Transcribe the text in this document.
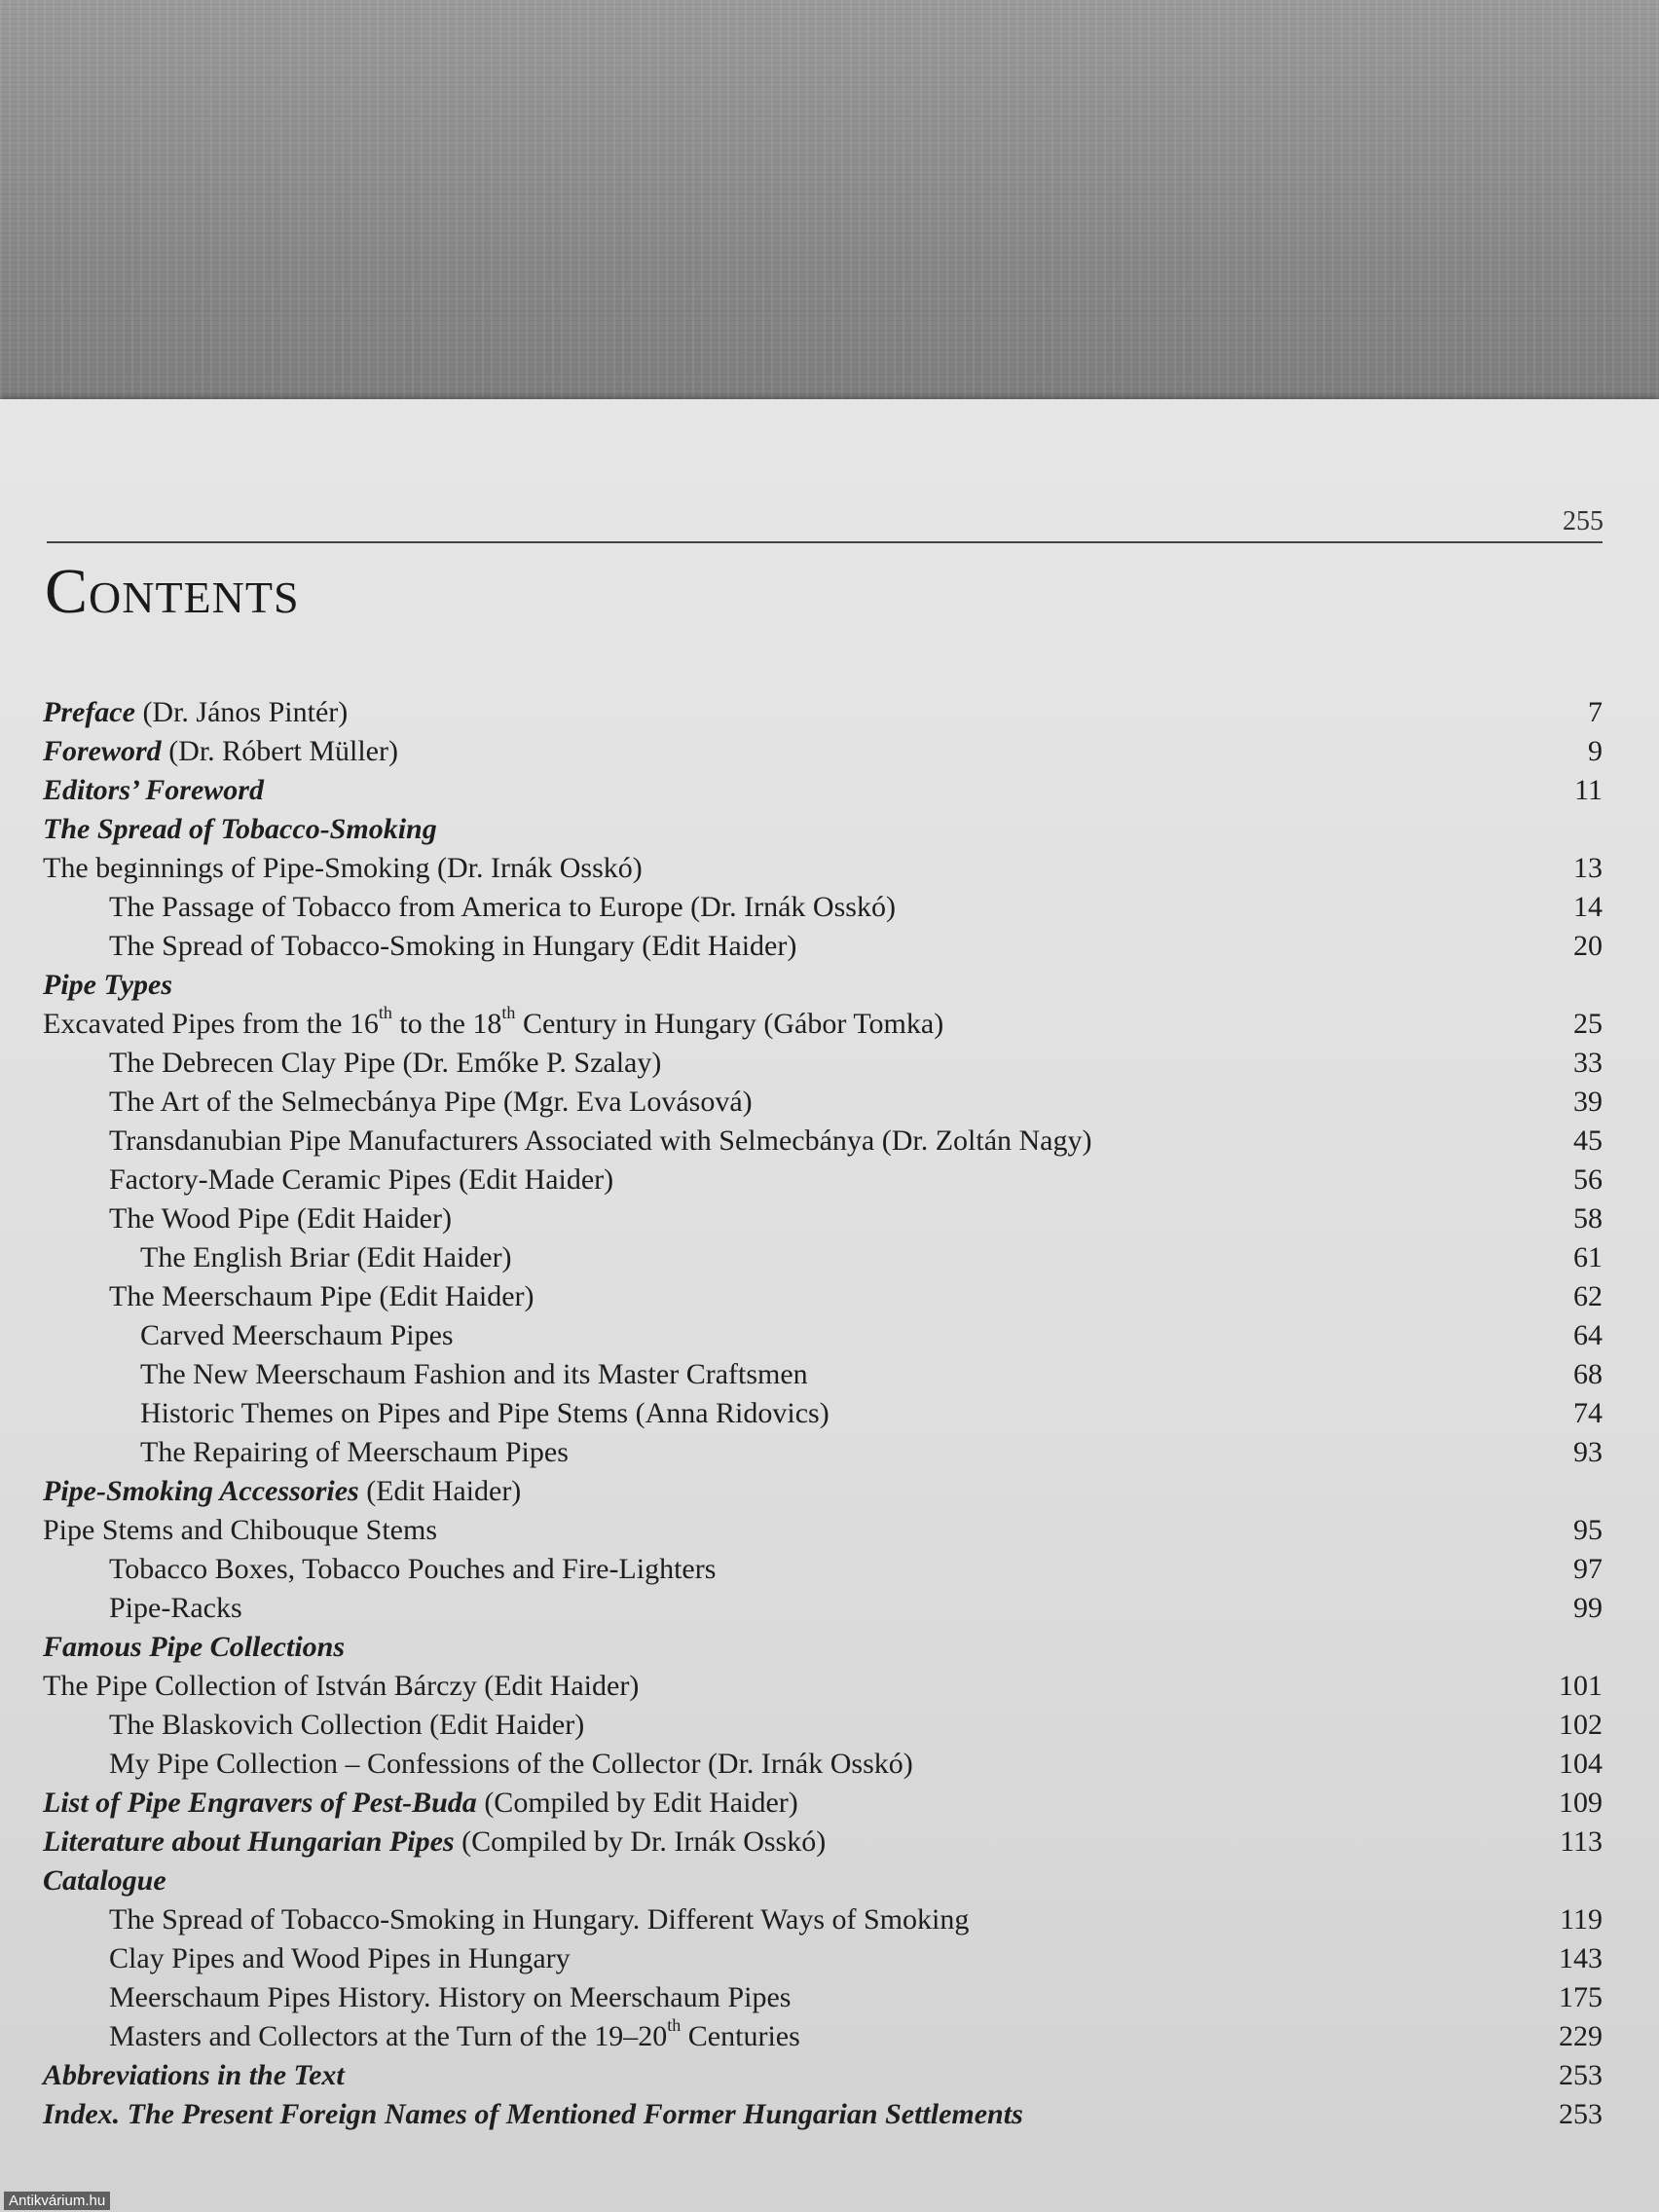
255
Contents
Preface (Dr. János Pintér)	7
Foreword (Dr. Róbert Müller)	9
Editors’ Foreword	11
The Spread of Tobacco-Smoking
The beginnings of Pipe-Smoking (Dr. Irnák Osskó)	13
The Passage of Tobacco from America to Europe (Dr. Irnák Osskó)	14
The Spread of Tobacco-Smoking in Hungary (Edit Haider)	20
Pipe Types
Excavated Pipes from the 16th to the 18th Century in Hungary (Gábor Tomka)	25
The Debrecen Clay Pipe (Dr. Emőke P. Szalay)	33
The Art of the Selmecbánya Pipe (Mgr. Eva Lovásová)	39
Transdanubian Pipe Manufacturers Associated with Selmecbánya (Dr. Zoltán Nagy)	45
Factory-Made Ceramic Pipes (Edit Haider)	56
The Wood Pipe (Edit Haider)	58
The English Briar (Edit Haider)	61
The Meerschaum Pipe (Edit Haider)	62
Carved Meerschaum Pipes	64
The New Meerschaum Fashion and its Master Craftsmen	68
Historic Themes on Pipes and Pipe Stems (Anna Ridovics)	74
The Repairing of Meerschaum Pipes	93
Pipe-Smoking Accessories (Edit Haider)
Pipe Stems and Chibouque Stems	95
Tobacco Boxes, Tobacco Pouches and Fire-Lighters	97
Pipe-Racks	99
Famous Pipe Collections
The Pipe Collection of István Bárczy (Edit Haider)	101
The Blaskovich Collection (Edit Haider)	102
My Pipe Collection – Confessions of the Collector (Dr. Irnák Osskó)	104
List of Pipe Engravers of Pest-Buda (Compiled by Edit Haider)	109
Literature about Hungarian Pipes (Compiled by Dr. Irnák Osskó)	113
Catalogue
The Spread of Tobacco-Smoking in Hungary. Different Ways of Smoking	119
Clay Pipes and Wood Pipes in Hungary	143
Meerschaum Pipes History. History on Meerschaum Pipes	175
Masters and Collectors at the Turn of the 19–20th Centuries	229
Abbreviations in the Text	253
Index. The Present Foreign Names of Mentioned Former Hungarian Settlements	253
Antikvárium.hu
